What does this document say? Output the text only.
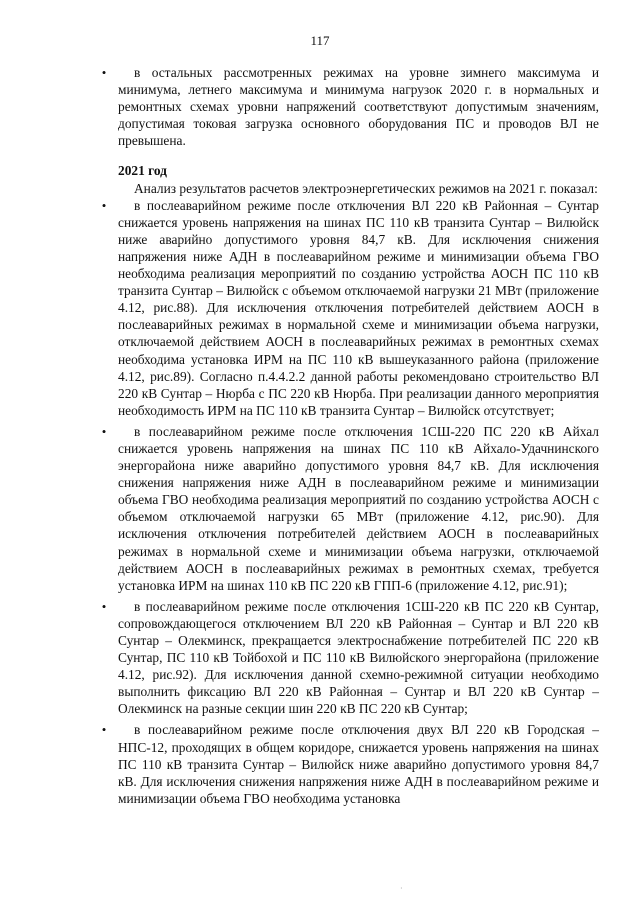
117
•	в остальных рассмотренных режимах на уровне зимнего максимума и минимума, летнего максимума и минимума нагрузок 2020 г. в нормальных и ремонтных схемах уровни напряжений соответствуют допустимым значениям, допустимая токовая загрузка основного оборудования ПС и проводов ВЛ не превышена.

2021 год

Анализ результатов расчетов электроэнергетических режимов на 2021 г. показал:

•	в послеаварийном режиме после отключения ВЛ 220 кВ Районная – Сунтар снижается уровень напряжения на шинах ПС 110 кВ транзита Сунтар – Вилюйск ниже аварийно допустимого уровня 84,7 кВ. Для исключения снижения напряжения ниже АДН в послеаварийном режиме и минимизации объема ГВО необходима реализация мероприятий по созданию устройства АОСН ПС 110 кВ транзита Сунтар – Вилюйск с объемом отключаемой нагрузки 21 МВт (приложение 4.12, рис.88). Для исключения отключения потребителей действием АОСН в послеаварийных режимах в нормальной схеме и минимизации объема нагрузки, отключаемой действием АОСН в послеаварийных режимах в ремонтных схемах необходима установка ИРМ на ПС 110 кВ вышеуказанного района (приложение 4.12, рис.89). Согласно п.4.4.2.2 данной работы рекомендовано строительство ВЛ 220 кВ Сунтар – Нюрба с ПС 220 кВ Нюрба. При реализации данного мероприятия необходимость ИРМ на ПС 110 кВ транзита Сунтар – Вилюйск отсутствует;

•	в послеаварийном режиме после отключения 1СШ-220 ПС 220 кВ Айхал снижается уровень напряжения на шинах ПС 110 кВ Айхало-Удачнинского энергорайона ниже аварийно допустимого уровня 84,7 кВ. Для исключения снижения напряжения ниже АДН в послеаварийном режиме и минимизации объема ГВО необходима реализация мероприятий по созданию устройства АОСН с объемом отключаемой нагрузки 65 МВт (приложение 4.12, рис.90). Для исключения отключения потребителей действием АОСН в послеаварийных режимах в нормальной схеме и минимизации объема нагрузки, отключаемой действием АОСН в послеаварийных режимах в ремонтных схемах, требуется установка ИРМ на шинах 110 кВ ПС 220 кВ ГПП-6 (приложение 4.12, рис.91);

•	в послеаварийном режиме после отключения 1СШ-220 кВ ПС 220 кВ Сунтар, сопровождающегося отключением ВЛ 220 кВ Районная – Сунтар и ВЛ 220 кВ Сунтар – Олекминск, прекращается электроснабжение потребителей ПС 220 кВ Сунтар, ПС 110 кВ Тойбохой и ПС 110 кВ Вилюйского энергорайона (приложение 4.12, рис.92). Для исключения данной схемно-режимной ситуации необходимо выполнить фиксацию ВЛ 220 кВ Районная – Сунтар и ВЛ 220 кВ Сунтар – Олекминск на разные секции шин 220 кВ ПС 220 кВ Сунтар;

•	в послеаварийном режиме после отключения двух ВЛ 220 кВ Городская – НПС-12, проходящих в общем коридоре, снижается уровень напряжения на шинах ПС 110 кВ транзита Сунтар – Вилюйск ниже аварийно допустимого уровня 84,7 кВ. Для исключения снижения напряжения ниже АДН в послеаварийном режиме и минимизации объема ГВО необходима установка

·
